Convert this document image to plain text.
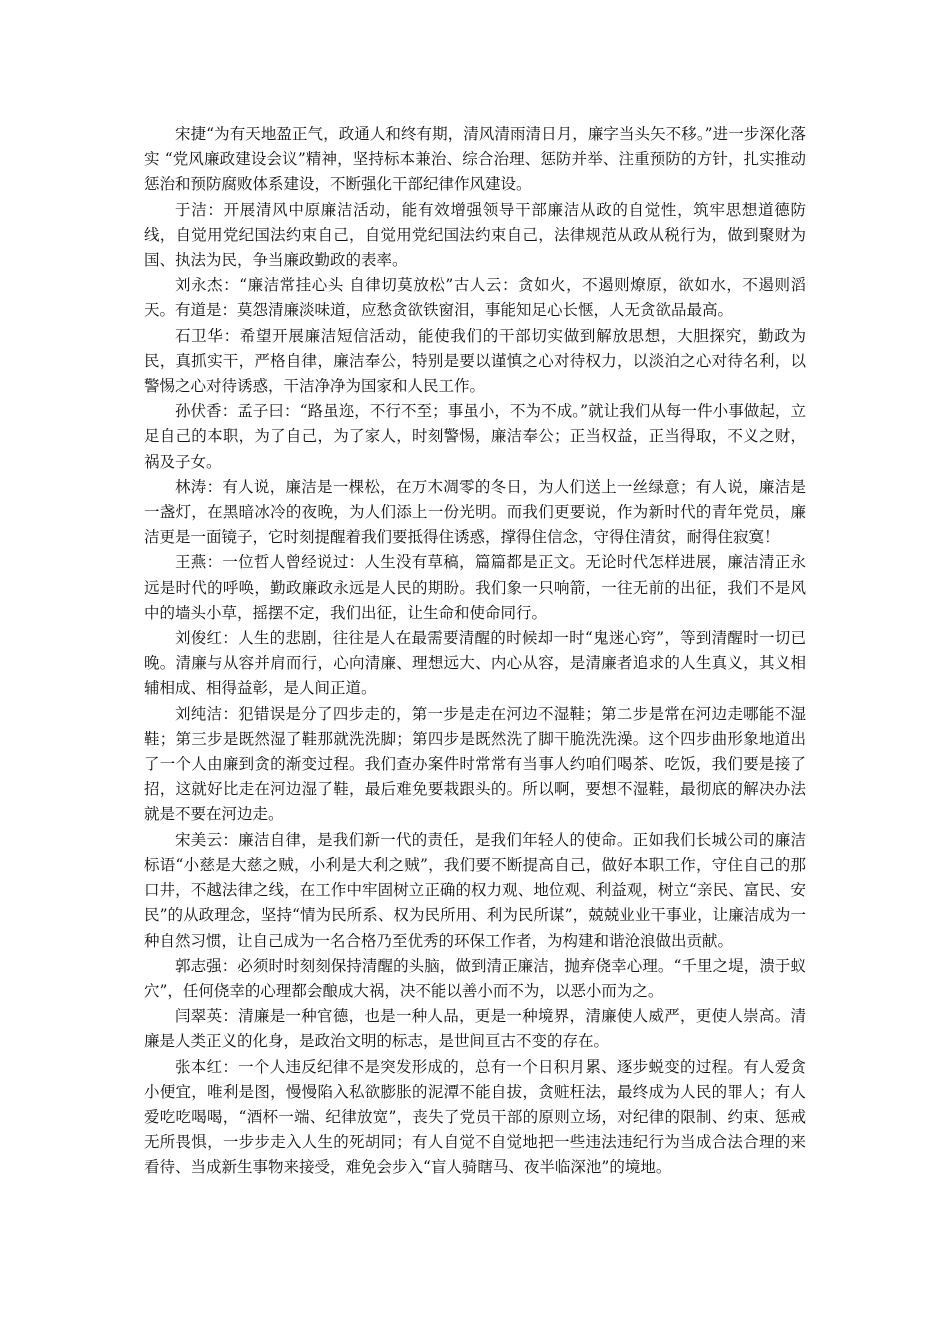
宋捷“为有天地盈正气，政通人和终有期，清风清雨清日月，廉字当头矢不移。”进一步深化落实 “党风廉政建设会议”精神，坚持标本兼治、综合治理、惩防并举、注重预防的方针，扎实推动惩治和预防腐败体系建设，不断强化干部纪律作风建设。

于洁：开展清风中原廉洁活动，能有效增强领导干部廉洁从政的自觉性，筑牢思想道德防线，自觉用党纪国法约束自己，自觉用党纪国法约束自己，法律规范从政从税行为，做到聚财为国、执法为民，争当廉政勤政的表率。

刘永杰：“廉洁常挂心头 自律切莫放松”古人云：贪如火，不遏则燎原，欲如水，不遏则滔天。有道是：莫怨清廉淡味道，应愁贪欲铁窗泪，事能知足心长惬，人无贪欲品最高。

石卫华：希望开展廉洁短信活动，能使我们的干部切实做到解放思想，大胆探究，勤政为民，真抓实干，严格自律，廉洁奉公，特别是要以谨慎之心对待权力，以淡泊之心对待名利，以警惕之心对待诱惑，干洁净净为国家和人民工作。

孙伏香：孟子曰：“路虽迩，不行不至；事虽小，不为不成。”就让我们从每一件小事做起，立足自己的本职，为了自己，为了家人，时刻警惕，廉洁奉公；正当权益，正当得取，不义之财，祸及子女。

林涛：有人说，廉洁是一棵松，在万木凋零的冬日，为人们送上一丝绿意；有人说，廉洁是一盏灯，在黑暗冰冷的夜晚，为人们添上一份光明。而我们更要说，作为新时代的青年党员，廉洁更是一面镜子，它时刻提醒着我们要抵得住诱惑，撑得住信念，守得住清贫，耐得住寂寞！

王燕：一位哲人曾经说过：人生没有草稿，篇篇都是正文。无论时代怎样进展，廉洁清正永远是时代的呼唤，勤政廉政永远是人民的期盼。我们象一只响箭，一往无前的出征，我们不是风中的墙头小草，摇摆不定，我们出征，让生命和使命同行。

刘俊红：人生的悲剧，往往是人在最需要清醒的时候却一时“鬼迷心窍”，等到清醒时一切已晚。清廉与从容并肩而行，心向清廉、理想远大、内心从容，是清廉者追求的人生真义，其义相辅相成、相得益彰，是人间正道。

刘纯洁：犯错误是分了四步走的，第一步是走在河边不湿鞋；第二步是常在河边走哪能不湿鞋；第三步是既然湿了鞋那就洗洗脚；第四步是既然洗了脚干脆洗洗澡。这个四步曲形象地道出了一个人由廉到贪的渐变过程。我们查办案件时常常有当事人约咱们喝茶、吃饭，我们要是接了招，这就好比走在河边湿了鞋，最后难免要栽跟头的。所以啊，要想不湿鞋，最彻底的解决办法就是不要在河边走。

宋美云：廉洁自律，是我们新一代的责任，是我们年轻人的使命。正如我们长城公司的廉洁标语“小慈是大慈之贼，小利是大利之贼”，我们要不断提高自己，做好本职工作，守住自己的那口井，不越法律之线，在工作中牢固树立正确的权力观、地位观、利益观，树立“亲民、富民、安民”的从政理念，坚持“情为民所系、权为民所用、利为民所谋”，兢兢业业干事业，让廉洁成为一种自然习惯，让自己成为一名合格乃至优秀的环保工作者，为构建和谐沧浪做出贡献。

郭志强：必须时时刻刻保持清醒的头脑，做到清正廉洁，抛弃侥幸心理。“千里之堤，溃于蚁穴”，任何侥幸的心理都会酿成大祸，决不能以善小而不为，以恶小而为之。

闫翠英：清廉是一种官德，也是一种人品，更是一种境界，清廉使人威严，更使人崇高。清廉是人类正义的化身，是政治文明的标志，是世间亘古不变的存在。

张本红：一个人违反纪律不是突发形成的，总有一个日积月累、逐步蜕变的过程。有人爱贪小便宜，唯利是图，慢慢陷入私欲膨胀的泥潭不能自拔，贪赃枉法，最终成为人民的罪人；有人爱吃吃喝喝，“酒杯一端、纪律放宽”，丧失了党员干部的原则立场，对纪律的限制、约束、惩戒无所畏惧，一步步走入人生的死胡同；有人自觉不自觉地把一些违法违纪行为当成合法合理的来看待、当成新生事物来接受，难免会步入“盲人骑瞎马、夜半临深池”的境地。
